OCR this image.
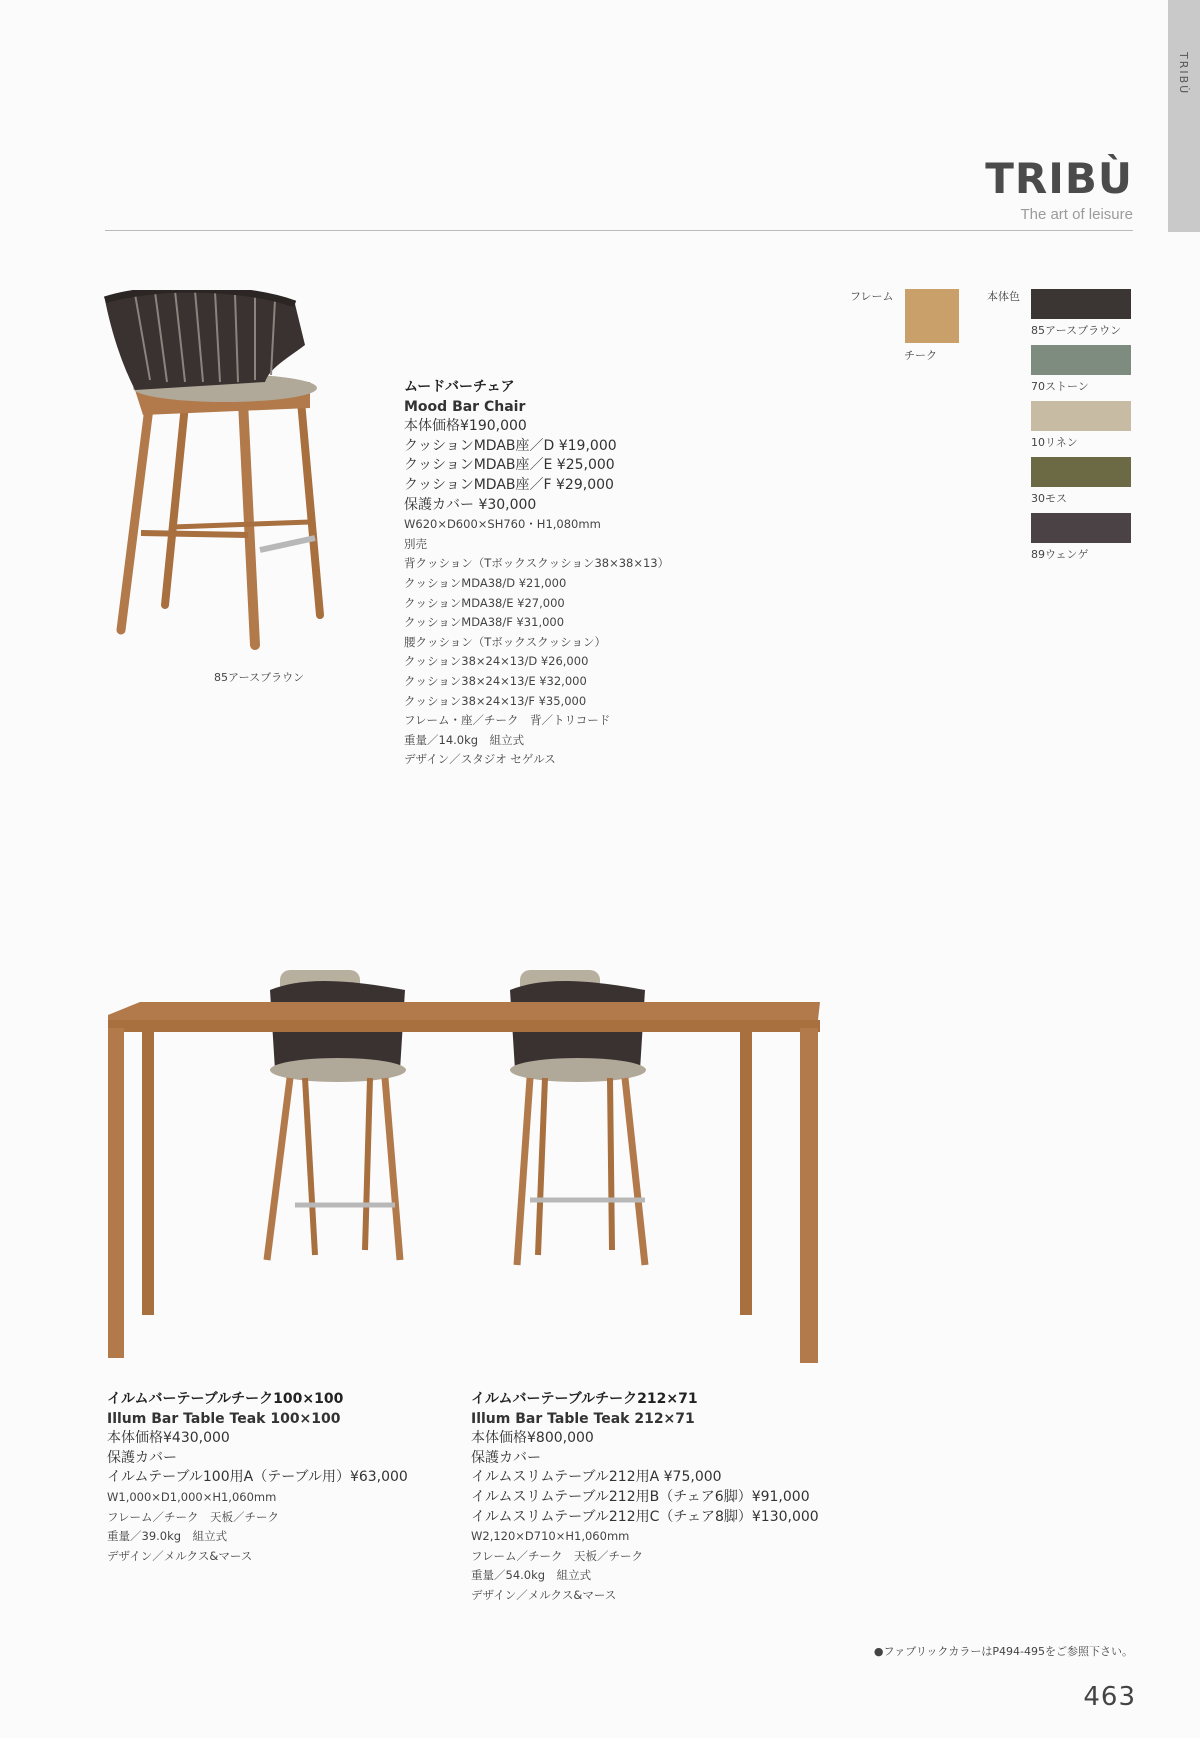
TRIBÙ
TRIBÙ
The art of leisure
85アースブラウン
ムードバーチェア
Mood Bar Chair
本体価格¥190,000
クッションMDAB座／D ¥19,000
クッションMDAB座／E ¥25,000
クッションMDAB座／F ¥29,000
保護カバー ¥30,000
W620×D600×SH760・H1,080mm
別売
背クッション（Tボックスクッション38×38×13）
クッションMDA38/D ¥21,000
クッションMDA38/E ¥27,000
クッションMDA38/F ¥31,000
腰クッション（Tボックスクッション）
クッション38×24×13/D ¥26,000
クッション38×24×13/E ¥32,000
クッション38×24×13/F ¥35,000
フレーム・座／チーク　背／トリコード
重量／14.0kg　組立式
デザイン／スタジオ セゲルス
フレーム
チーク
本体色
85アースブラウン
70ストーン
10リネン
30モス
89ウェンゲ
イルムバーテーブルチーク100×100
Illum Bar Table Teak 100×100
本体価格¥430,000
保護カバー
イルムテーブル100用A（テーブル用）¥63,000
W1,000×D1,000×H1,060mm
フレーム／チーク　天板／チーク
重量／39.0kg　組立式
デザイン／メルクス&マース
イルムバーテーブルチーク212×71
Illum Bar Table Teak 212×71
本体価格¥800,000
保護カバー
イルムスリムテーブル212用A ¥75,000
イルムスリムテーブル212用B（チェア6脚）¥91,000
イルムスリムテーブル212用C（チェア8脚）¥130,000
W2,120×D710×H1,060mm
フレーム／チーク　天板／チーク
重量／54.0kg　組立式
デザイン／メルクス&マース
●ファブリックカラーはP494-495をご参照下さい。
463
